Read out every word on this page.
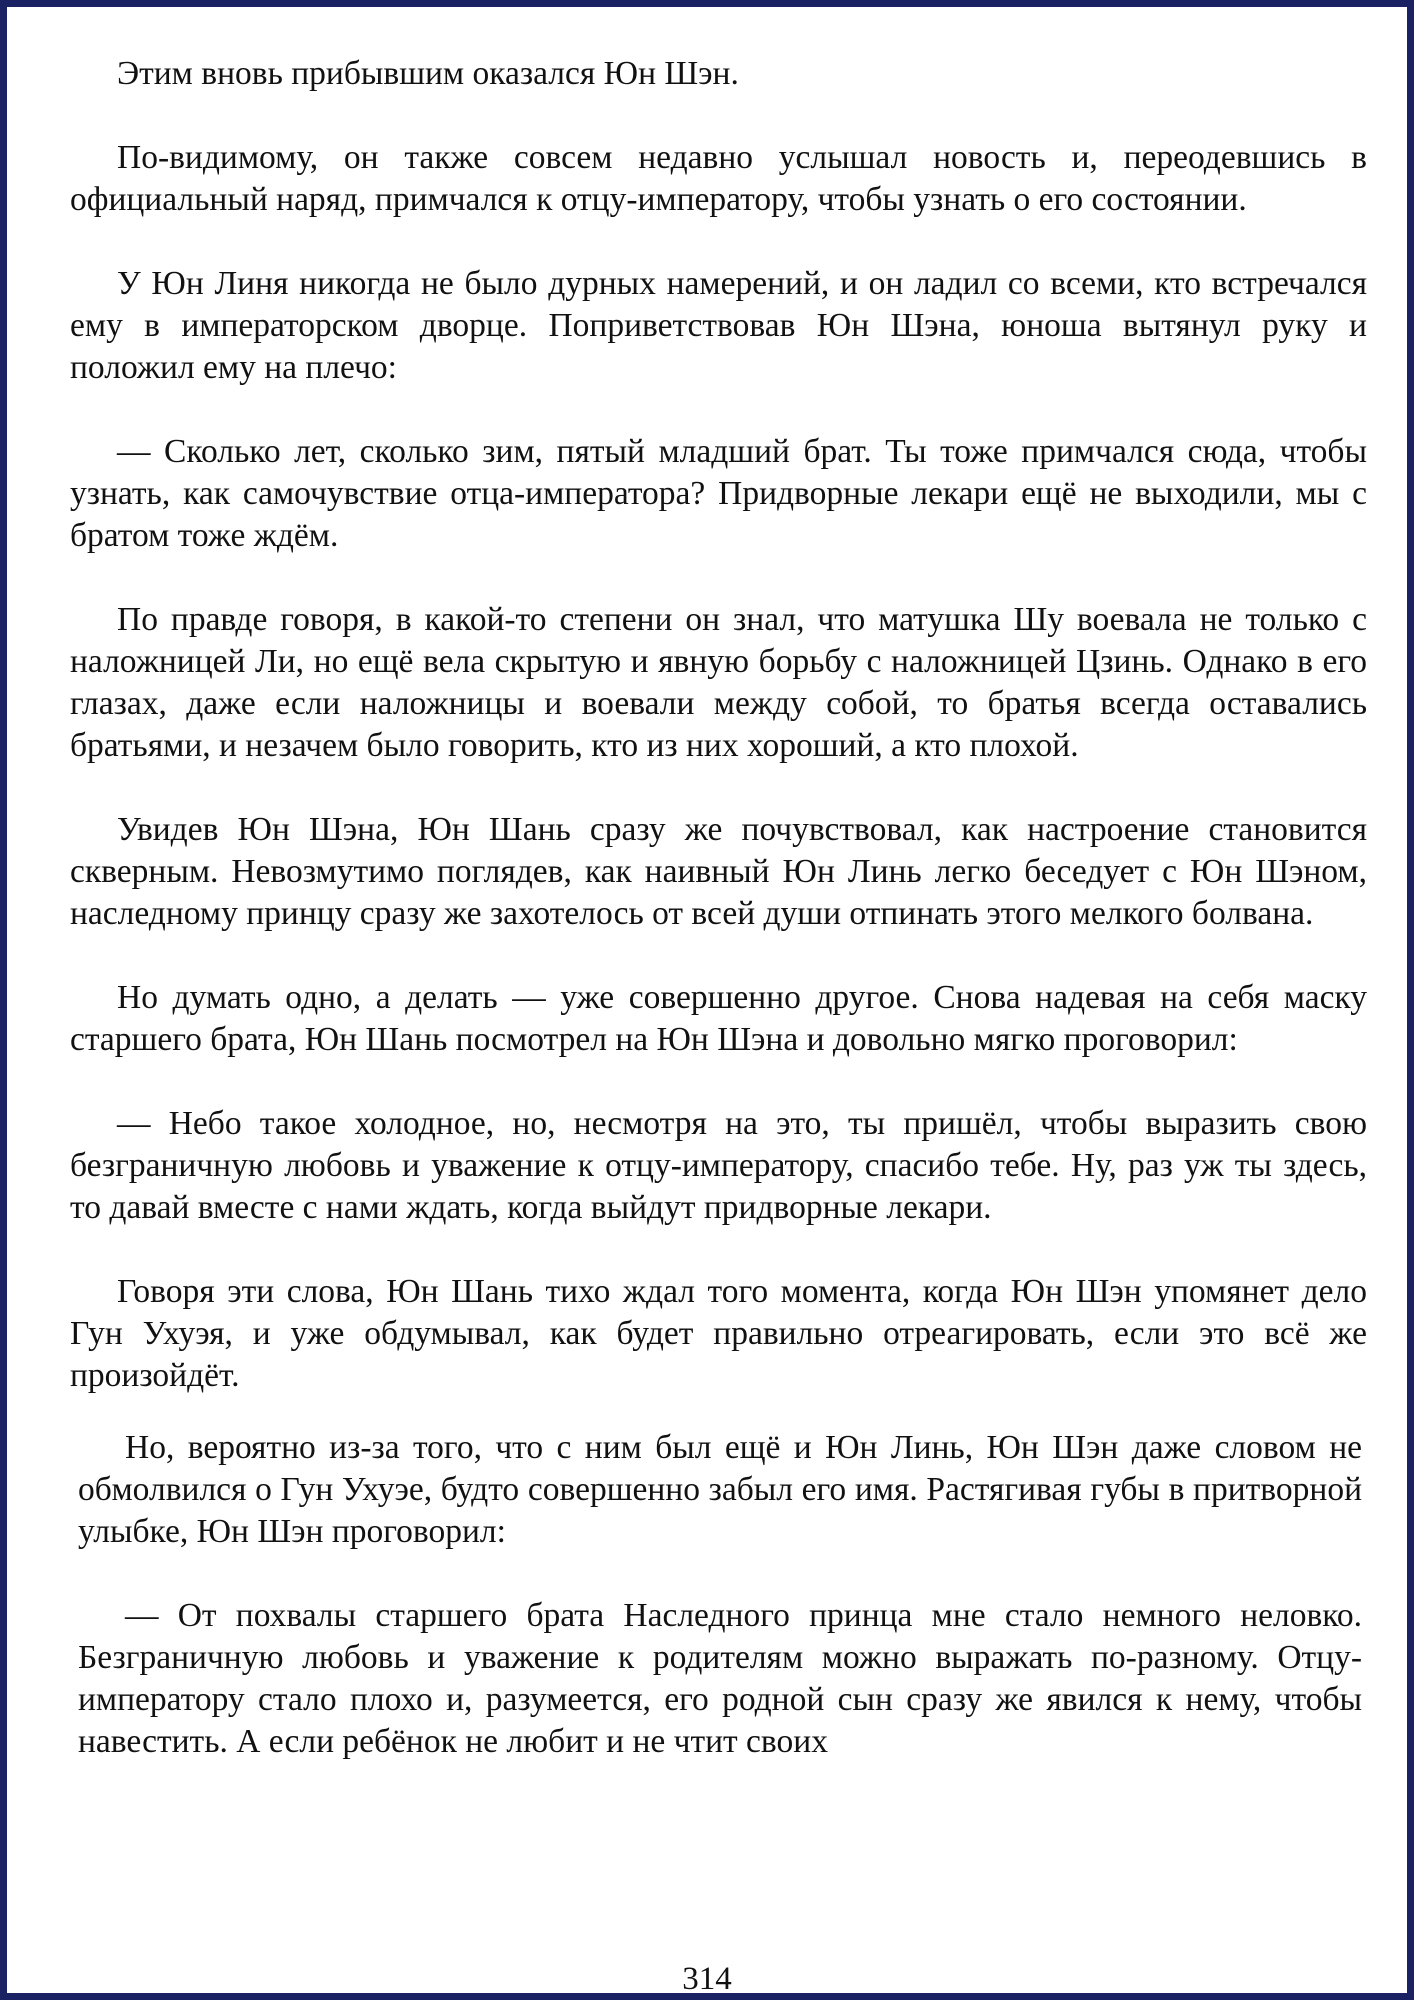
Этим вновь прибывшим оказался Юн Шэн.

По-видимому, он также совсем недавно услышал новость и, переодевшись в официальный наряд, примчался к отцу-императору, чтобы узнать о его состоянии.

У Юн Линя никогда не было дурных намерений, и он ладил со всеми, кто встречался ему в императорском дворце. Поприветствовав Юн Шэна, юноша вытянул руку и положил ему на плечо:

— Сколько лет, сколько зим, пятый младший брат. Ты тоже примчался сюда, чтобы узнать, как самочувствие отца-императора? Придворные лекари ещё не выходили, мы с братом тоже ждём.

По правде говоря, в какой-то степени он знал, что матушка Шу воевала не только с наложницей Ли, но ещё вела скрытую и явную борьбу с наложницей Цзинь. Однако в его глазах, даже если наложницы и воевали между собой, то братья всегда оставались братьями, и незачем было говорить, кто из них хороший, а кто плохой.

Увидев Юн Шэна, Юн Шань сразу же почувствовал, как настроение становится скверным. Невозмутимо поглядев, как наивный Юн Линь легко беседует с Юн Шэном, наследному принцу сразу же захотелось от всей души отпинать этого мелкого болвана.

Но думать одно, а делать — уже совершенно другое. Снова надевая на себя маску старшего брата, Юн Шань посмотрел на Юн Шэна и довольно мягко проговорил:

— Небо такое холодное, но, несмотря на это, ты пришёл, чтобы выразить свою безграничную любовь и уважение к отцу-императору, спасибо тебе. Ну, раз уж ты здесь, то давай вместе с нами ждать, когда выйдут придворные лекари.

Говоря эти слова, Юн Шань тихо ждал того момента, когда Юн Шэн упомянет дело Гун Ухуэя, и уже обдумывал, как будет правильно отреагировать, если это всё же произойдёт.

Но, вероятно из-за того, что с ним был ещё и Юн Линь, Юн Шэн даже словом не обмолвился о Гун Ухуэе, будто совершенно забыл его имя. Растягивая губы в притворной улыбке, Юн Шэн проговорил:

— От похвалы старшего брата Наследного принца мне стало немного неловко. Безграничную любовь и уважение к родителям можно выражать по-разному. Отцу-императору стало плохо и, разумеется, его родной сын сразу же явился к нему, чтобы навестить. А если ребёнок не любит и не чтит своих

314
